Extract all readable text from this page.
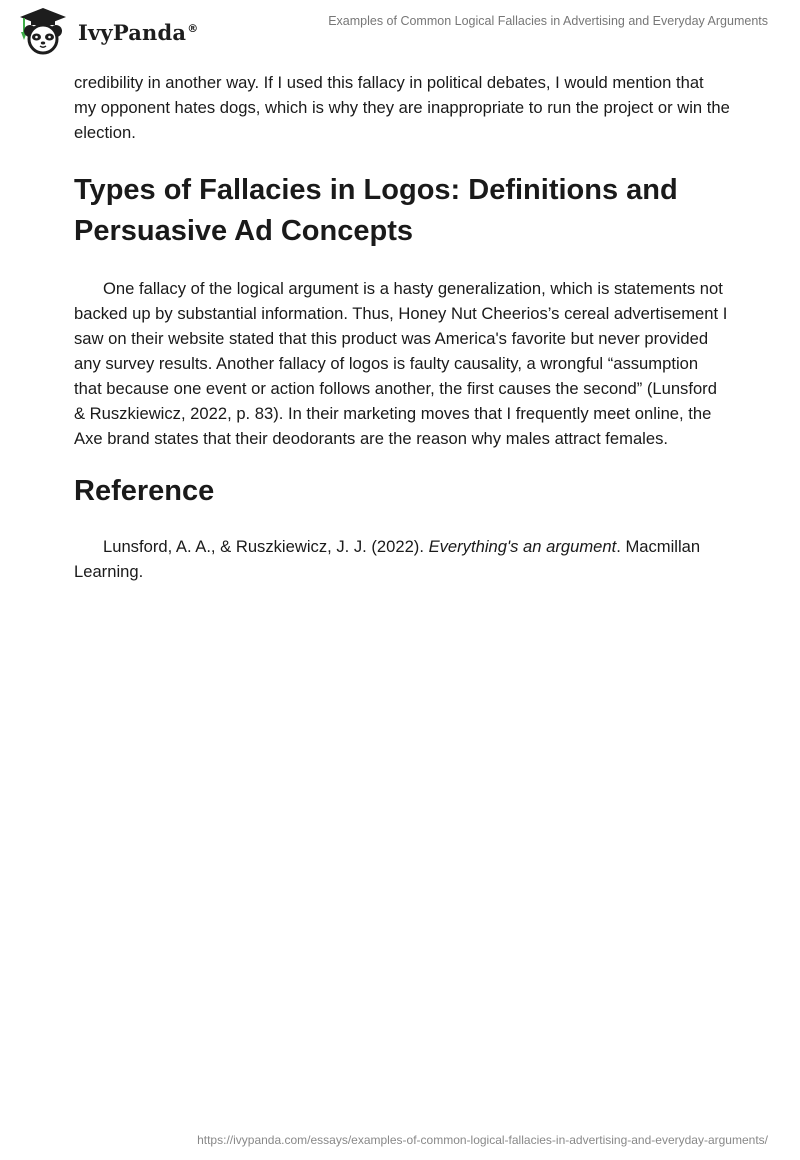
IvyPanda®	Examples of Common Logical Fallacies in Advertising and Everyday Arguments

credibility in another way. If I used this fallacy in political debates, I would mention that my opponent hates dogs, which is why they are inappropriate to run the project or win the election.

Types of Fallacies in Logos: Definitions and Persuasive Ad Concepts

One fallacy of the logical argument is a hasty generalization, which is statements not backed up by substantial information. Thus, Honey Nut Cheerios’s cereal advertisement I saw on their website stated that this product was America's favorite but never provided any survey results. Another fallacy of logos is faulty causality, a wrongful “assumption that because one event or action follows another, the first causes the second” (Lunsford & Ruszkiewicz, 2022, p. 83). In their marketing moves that I frequently meet online, the Axe brand states that their deodorants are the reason why males attract females.

Reference

Lunsford, A. A., & Ruszkiewicz, J. J. (2022). Everything's an argument. Macmillan Learning.

https://ivypanda.com/essays/examples-of-common-logical-fallacies-in-advertising-and-everyday-arguments/
